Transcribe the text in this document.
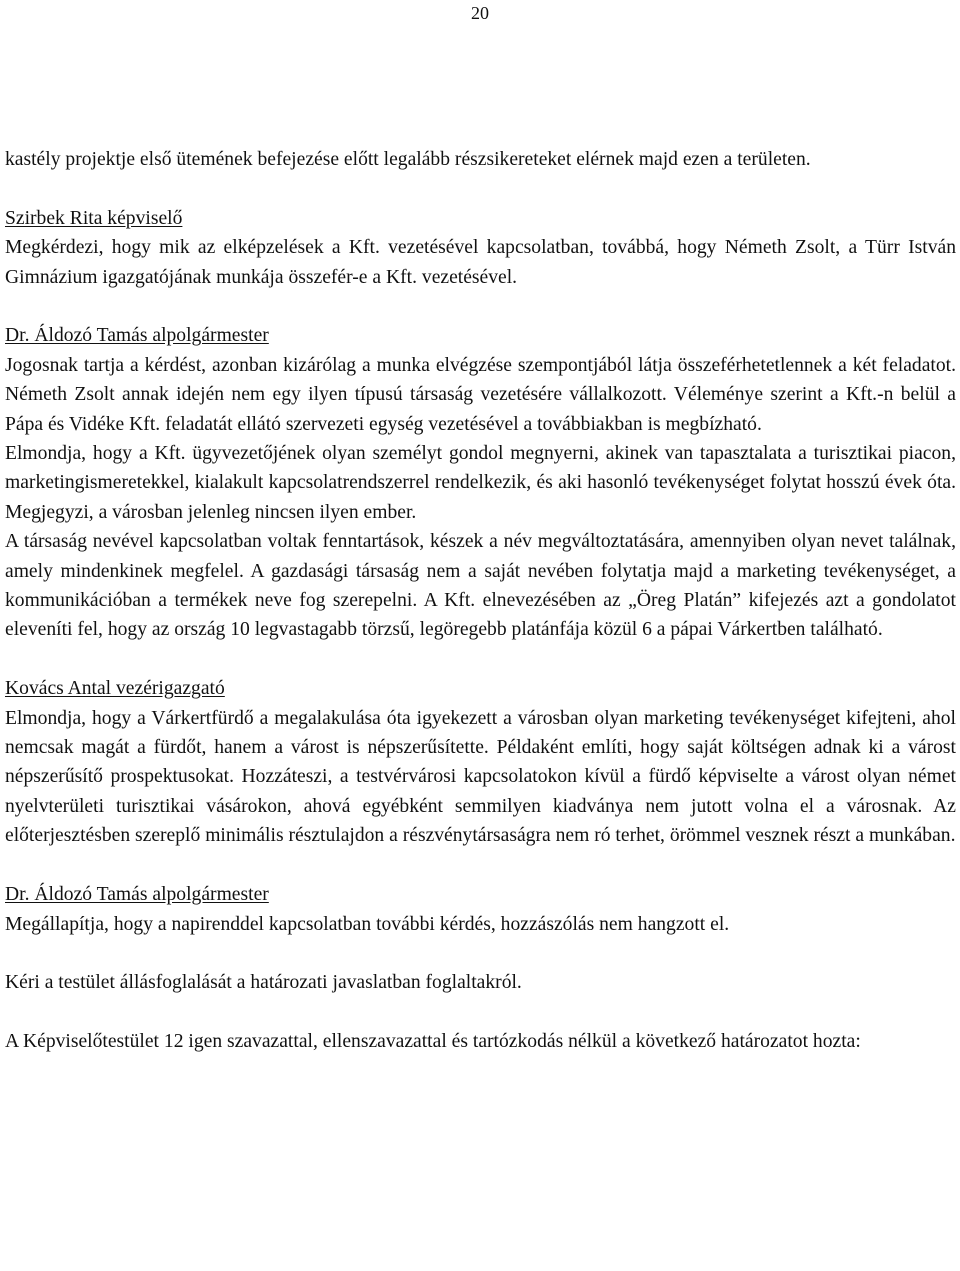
20

kastély projektje első ütemének befejezése előtt legalább részsikereteket elérnek majd ezen a területen.

Szirbek Rita képviselő

Megkérdezi, hogy mik az elképzelések a Kft. vezetésével kapcsolatban, továbbá, hogy Németh Zsolt, a Türr István Gimnázium igazgatójának munkája összefér-e a Kft. vezetésével.

Dr. Áldozó Tamás alpolgármester

Jogosnak tartja a kérdést, azonban kizárólag a munka elvégzése szempontjából látja összeférhetetlennek a két feladatot. Németh Zsolt annak idején nem egy ilyen típusú társaság vezetésére vállalkozott. Véleménye szerint a Kft.-n belül a Pápa és Vidéke Kft. feladatát ellátó szervezeti egység vezetésével a továbbiakban is megbízható.

Elmondja, hogy a Kft. ügyvezetőjének olyan személyt gondol megnyerni, akinek van tapasztalata a turisztikai piacon, marketingismeretekkel, kialakult kapcsolatrendszerrel rendelkezik, és aki hasonló tevékenységet folytat hosszú évek óta. Megjegyzi, a városban jelenleg nincsen ilyen ember.

A társaság nevével kapcsolatban voltak fenntartások, készek a név megváltoztatására, amennyiben olyan nevet találnak, amely mindenkinek megfelel. A gazdasági társaság nem a saját nevében folytatja majd a marketing tevékenységet, a kommunikációban a termékek neve fog szerepelni. A Kft. elnevezésében az „Öreg Platán” kifejezés azt a gondolatot eleveníti fel, hogy az ország 10 legvastagabb törzsű, legöregebb platánfája közül 6 a pápai Várkertben található.

Kovács Antal vezérigazgató

Elmondja, hogy a Várkertfürdő a megalakulása óta igyekezett a városban olyan marketing tevékenységet kifejteni, ahol nemcsak magát a fürdőt, hanem a várost is népszerűsítette. Példaként említi, hogy saját költségen adnak ki a várost népszerűsítő prospektusokat. Hozzáteszi, a testvérvárosi kapcsolatokon kívül a fürdő képviselte a várost olyan német nyelvterületi turisztikai vásárokon, ahová egyébként semmilyen kiadványa nem jutott volna el a városnak. Az előterjesztésben szereplő minimális résztulajdon a részvénytársaságra nem ró terhet, örömmel vesznek részt a munkában.

Dr. Áldozó Tamás alpolgármester

Megállapítja, hogy a napirenddel kapcsolatban további kérdés, hozzászólás nem hangzott el.

Kéri a testület állásfoglalását a határozati javaslatban foglaltakról.

A Képviselőtestület 12 igen szavazattal, ellenszavazattal és tartózkodás nélkül a következő határozatot hozta:
